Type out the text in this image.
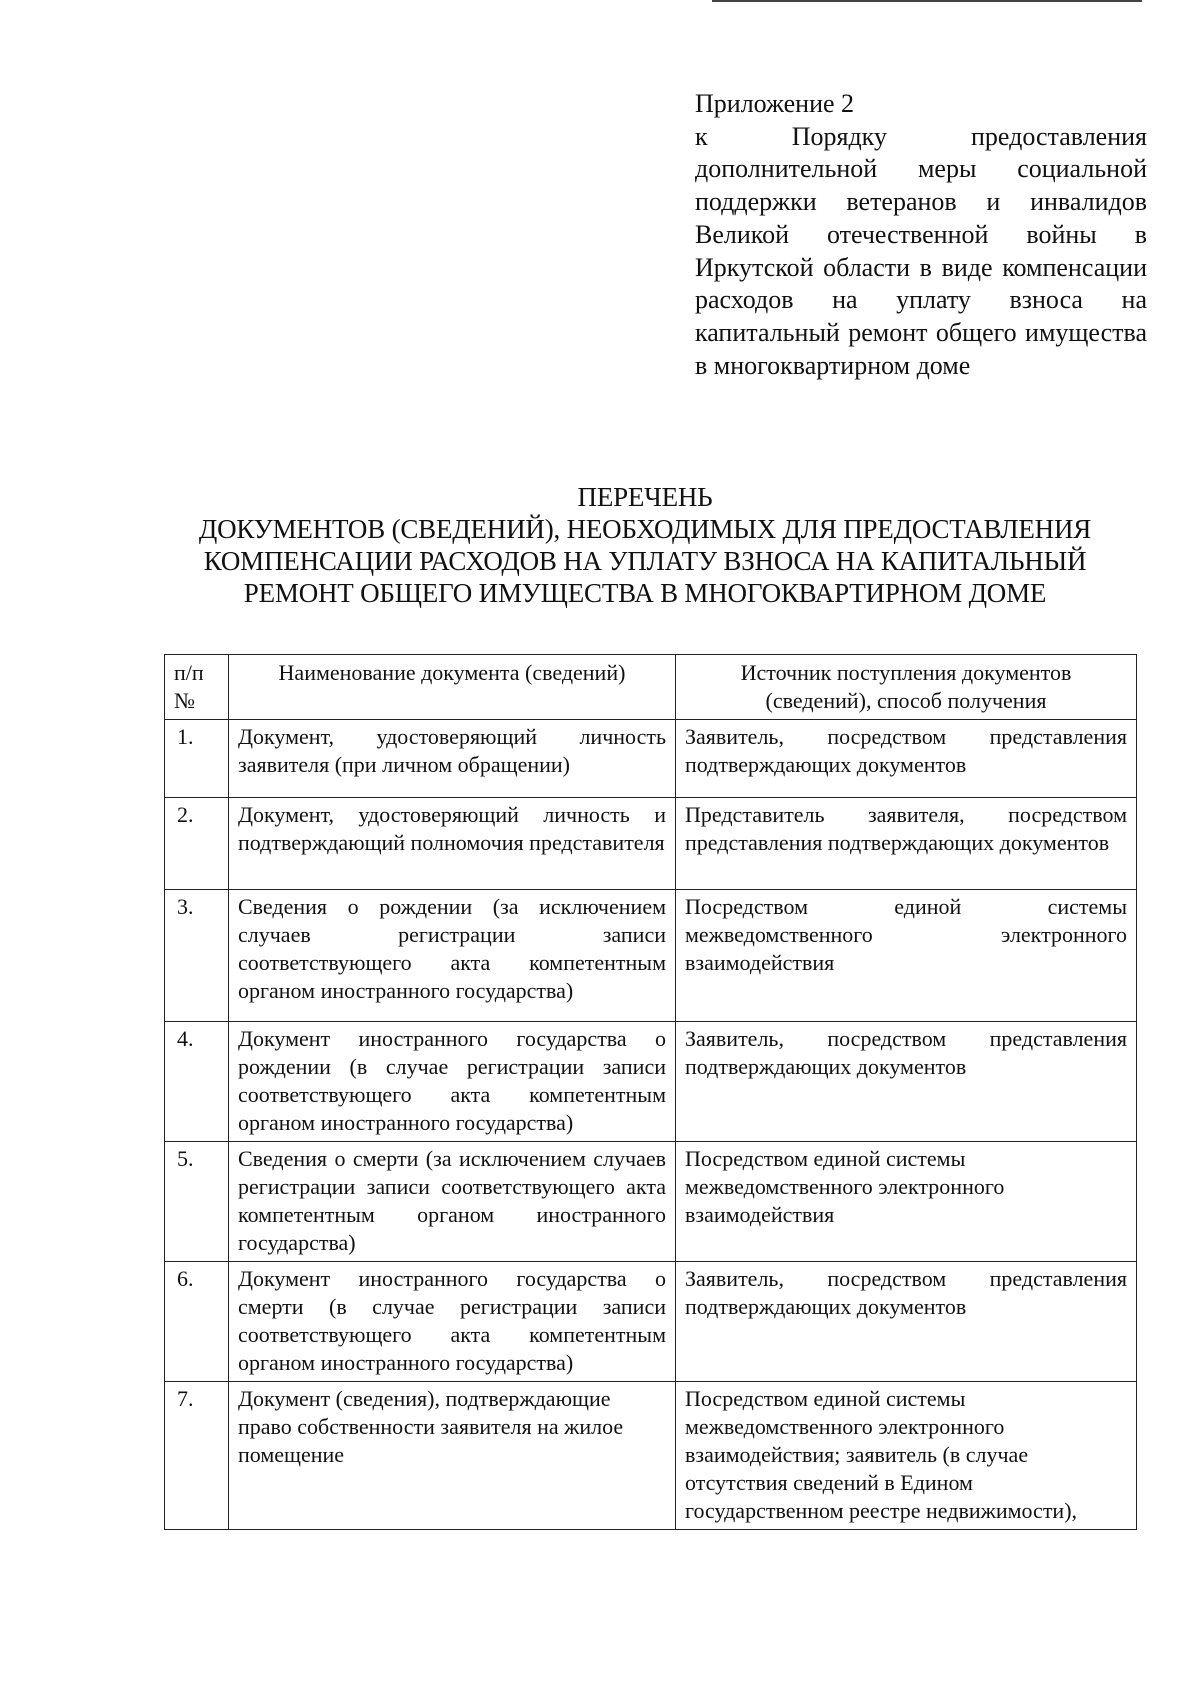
Приложение 2
к Порядку предоставления дополнительной меры социальной поддержки ветеранов и инвалидов Великой отечественной войны в Иркутской области в виде компенсации расходов на уплату взноса на капитальный ремонт общего имущества в многоквартирном доме
ПЕРЕЧЕНЬ
ДОКУМЕНТОВ (СВЕДЕНИЙ), НЕОБХОДИМЫХ ДЛЯ ПРЕДОСТАВЛЕНИЯ
КОМПЕНСАЦИИ РАСХОДОВ НА УПЛАТУ ВЗНОСА НА КАПИТАЛЬНЫЙ
РЕМОНТ ОБЩЕГО ИМУЩЕСТВА В МНОГОКВАРТИРНОМ ДОМЕ
п/п №	Наименование документа (сведений)	Источник поступления документов (сведений), способ получения
1.	Документ, удостоверяющий личность заявителя (при личном обращении)	Заявитель, посредством представления подтверждающих документов
2.	Документ, удостоверяющий личность и подтверждающий полномочия представителя	Представитель заявителя, посредством представления подтверждающих документов
3.	Сведения о рождении (за исключением случаев регистрации записи соответствующего акта компетентным органом иностранного государства)	Посредством единой системы межведомственного электронного взаимодействия
4.	Документ иностранного государства о рождении (в случае регистрации записи соответствующего акта компетентным органом иностранного государства)	Заявитель, посредством представления подтверждающих документов
5.	Сведения о смерти (за исключением случаев регистрации записи соответствующего акта компетентным органом иностранного государства)	Посредством единой системы межведомственного электронного взаимодействия
6.	Документ иностранного государства о смерти (в случае регистрации записи соответствующего акта компетентным органом иностранного государства)	Заявитель, посредством представления подтверждающих документов
7.	Документ (сведения), подтверждающие право собственности заявителя на жилое помещение	Посредством единой системы межведомственного электронного взаимодействия; заявитель (в случае отсутствия сведений в Едином государственном реестре недвижимости),
